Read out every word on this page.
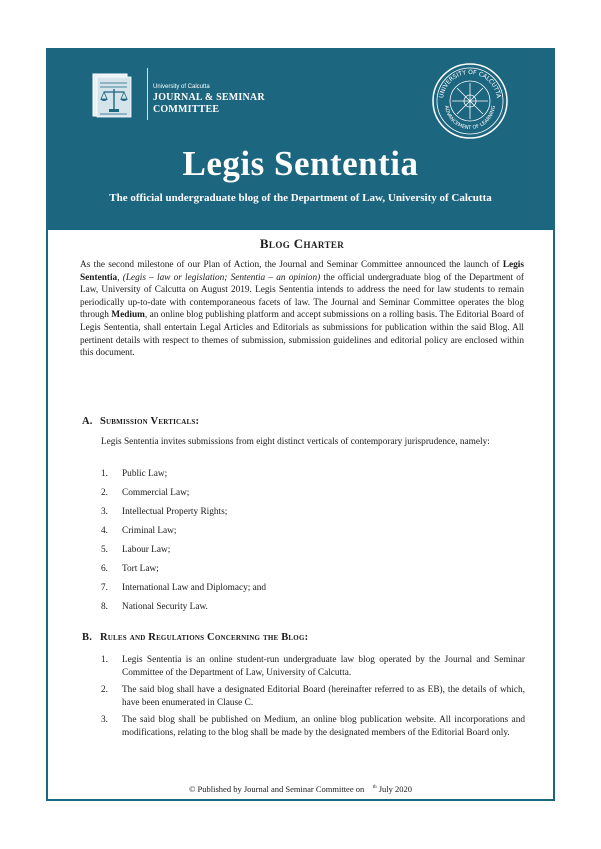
University of Calcutta
JOURNAL & SEMINAR
COMMITTEE
UNIVERSITY OF CALCUTTA
ADVANCEMENT OF LEARNING
Legis Sententia
The official undergraduate blog of the Department of Law, University of Calcutta
Blog Charter

As the second milestone of our Plan of Action, the Journal and Seminar Committee announced the launch of Legis Sententia, (Legis – law or legislation; Sententia – an opinion) the official undergraduate blog of the Department of Law, University of Calcutta on August 2019. Legis Sententia intends to address the need for law students to remain periodically up-to-date with contemporaneous facets of law. The Journal and Seminar Committee operates the blog through Medium, an online blog publishing platform and accept submissions on a rolling basis. The Editorial Board of Legis Sententia, shall entertain Legal Articles and Editorials as submissions for publication within the said Blog. All pertinent details with respect to themes of submission, submission guidelines and editorial policy are enclosed within this document.

A. Submission Verticals:
Legis Sententia invites submissions from eight distinct verticals of contemporary jurisprudence, namely:
1.	Public Law;
2.	Commercial Law;
3.	Intellectual Property Rights;
4.	Criminal Law;
5.	Labour Law;
6.	Tort Law;
7.	International Law and Diplomacy; and
8.	National Security Law.
B. Rules and Regulations Concerning the Blog:
1.	Legis Sententia is an online student-run undergraduate law blog operated by the Journal and Seminar Committee of the Department of Law, University of Calcutta.
2.	The said blog shall have a designated Editorial Board (hereinafter referred to as EB), the details of which, have been enumerated in Clause C.
3.	The said blog shall be published on Medium, an online blog publication website. All incorporations and modifications, relating to the blog shall be made by the designated members of the Editorial Board only.
© Published by Journal and Seminar Committee on $^{th}$ July 2020
